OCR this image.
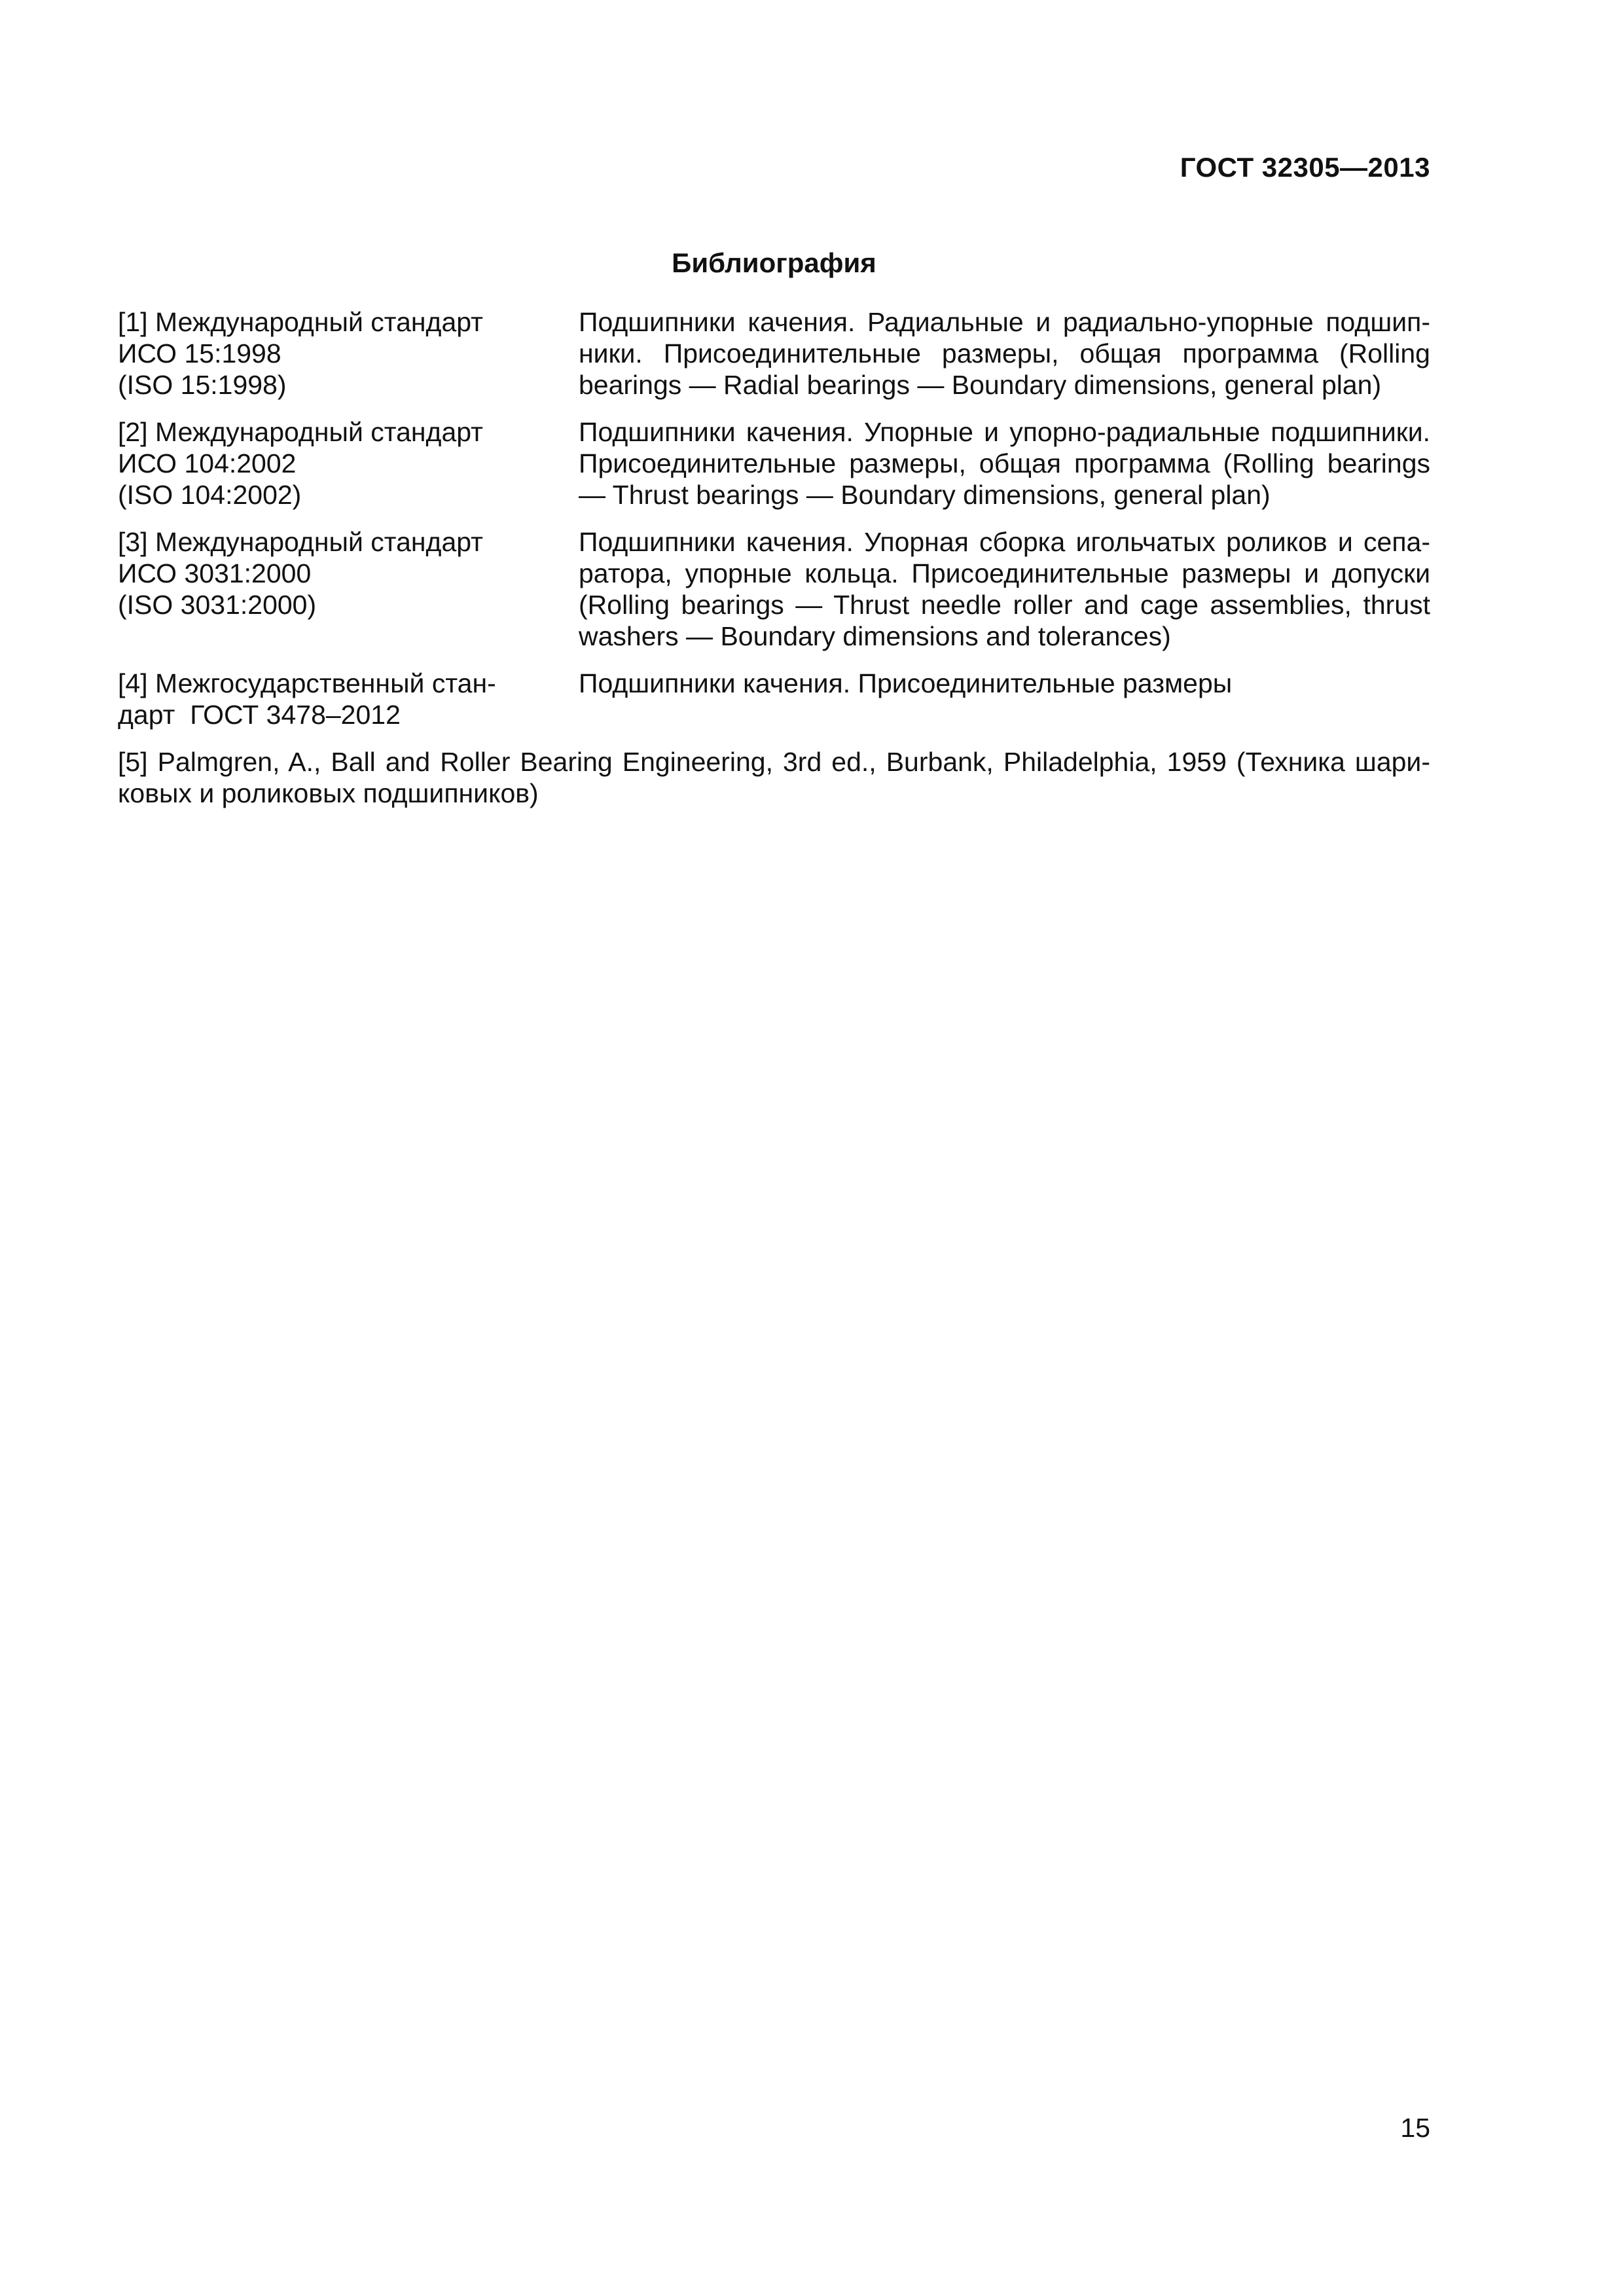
ГОСТ 32305—2013
Библиография
[1] Международный стандарт
ИСО 15:1998
(ISO 15:1998)
Подшипники качения. Радиальные и радиально-упорные подшипники. Присоединительные размеры, общая программа (Rolling bearings — Radial bearings — Boundary dimensions, general plan)
[2] Международный стандарт
ИСО 104:2002
(ISO 104:2002)
Подшипники качения. Упорные и упорно-радиальные подшипники. Присоединительные размеры, общая программа (Rolling bearings — Thrust bearings — Boundary dimensions, general plan)
[3] Международный стандарт
ИСО 3031:2000
(ISO 3031:2000)
Подшипники качения. Упорная сборка игольчатых роликов и сепаратора, упорные кольца. Присоединительные размеры и допуски (Rolling bearings — Thrust needle roller and cage assemblies, thrust washers — Boundary dimensions and tolerances)
[4] Межгосударственный стан-
дарт  ГОСТ 3478–2012
Подшипники качения. Присоединительные размеры
[5] Palmgren, A., Ball and Roller Bearing Engineering, 3rd ed., Burbank, Philadelphia, 1959 (Техника шариковых и роликовых подшипников)
15
